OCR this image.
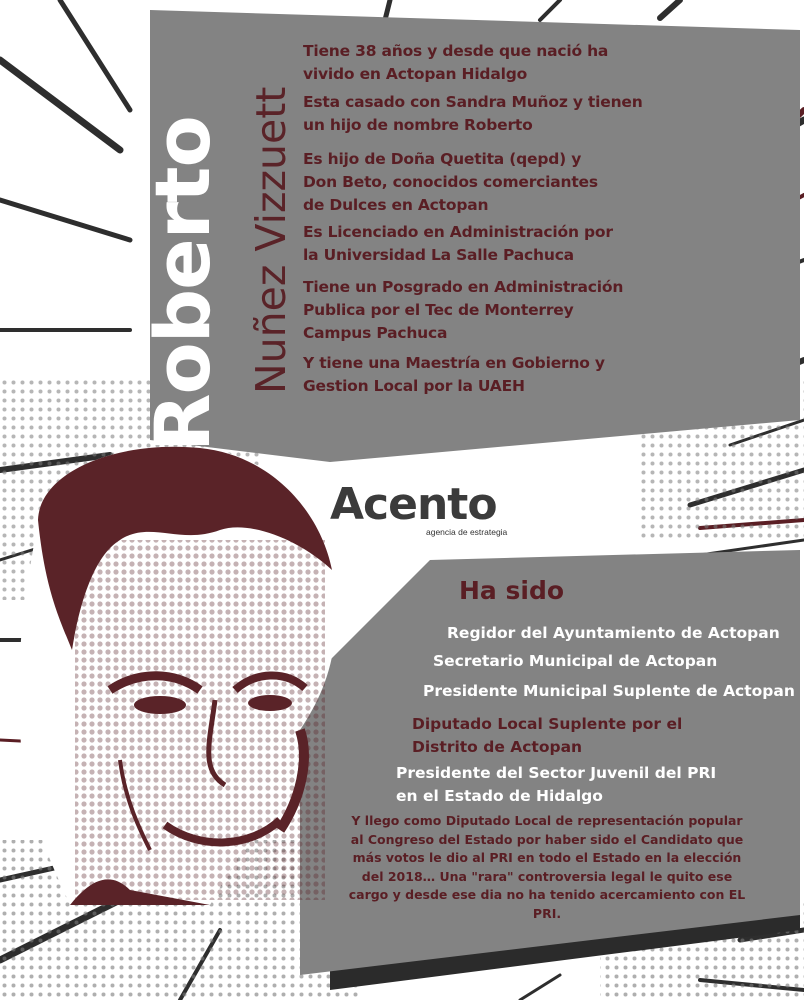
Roberto Nuñez Vizzuett

Tiene 38 años y desde que nació ha vivido en Actopan Hidalgo

Esta casado con Sandra Muñoz y tienen un hijo de nombre Roberto

Es hijo de Doña Quetita (qepd) y Don Beto, conocidos comerciantes de Dulces en Actopan

Es Licenciado en Administración por la Universidad La Salle Pachuca

Tiene un Posgrado en Administración Publica por el Tec de Monterrey Campus Pachuca

Y tiene una Maestría en Gobierno y Gestion Local por la UAEH

Acento
agencia de estrategia
Ha sido

Regidor del Ayuntamiento de Actopan

Secretario Municipal de Actopan

Presidente Municipal Suplente de Actopan

Diputado Local Suplente por el Distrito de Actopan

Presidente del Sector Juvenil del PRI en el Estado de Hidalgo

Y llego como Diputado Local de representación popular al Congreso del Estado por haber sido el Candidato que más votos le dio al PRI en todo el Estado en la elección del 2018… Una "rara" controversia legal le quito ese cargo y desde ese dia no ha tenido acercamiento con EL PRI.
